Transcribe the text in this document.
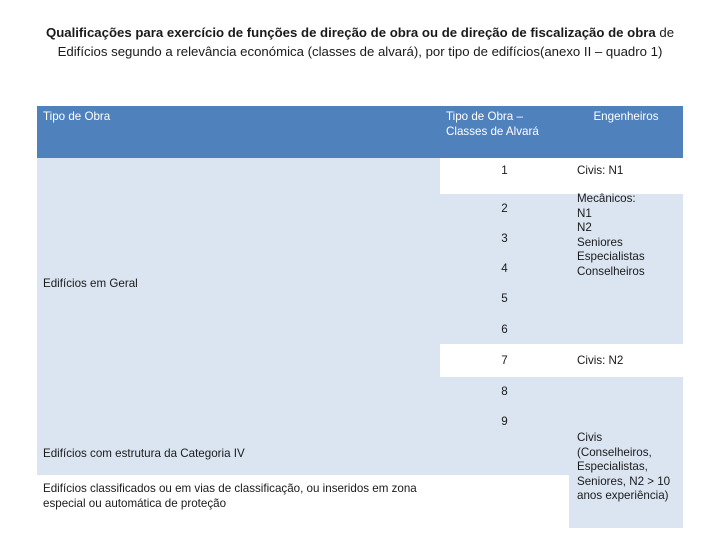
Qualificações para exercício de funções de direção de obra ou de direção de fiscalização de obra de Edifícios segundo a relevância económica (classes de alvará), por tipo de edifícios(anexo II – quadro 1)
Tipo de Obra	Tipo de Obra – Classes de Alvará
Engenheiros
Edifícios em Geral
Edifícios com estrutura da Categoria IV
Edifícios classificados ou em vias de classificação, ou inseridos em zona especial ou automática de proteção
1
2
3
4
5
6
7
8
9
Civis: N1
Mecânicos:
N1
N2
Seniores
Especialistas
Conselheiros
Civis: N2
Civis
(Conselheiros,
Especialistas,
Seniores, N2 > 10
anos experiência)
